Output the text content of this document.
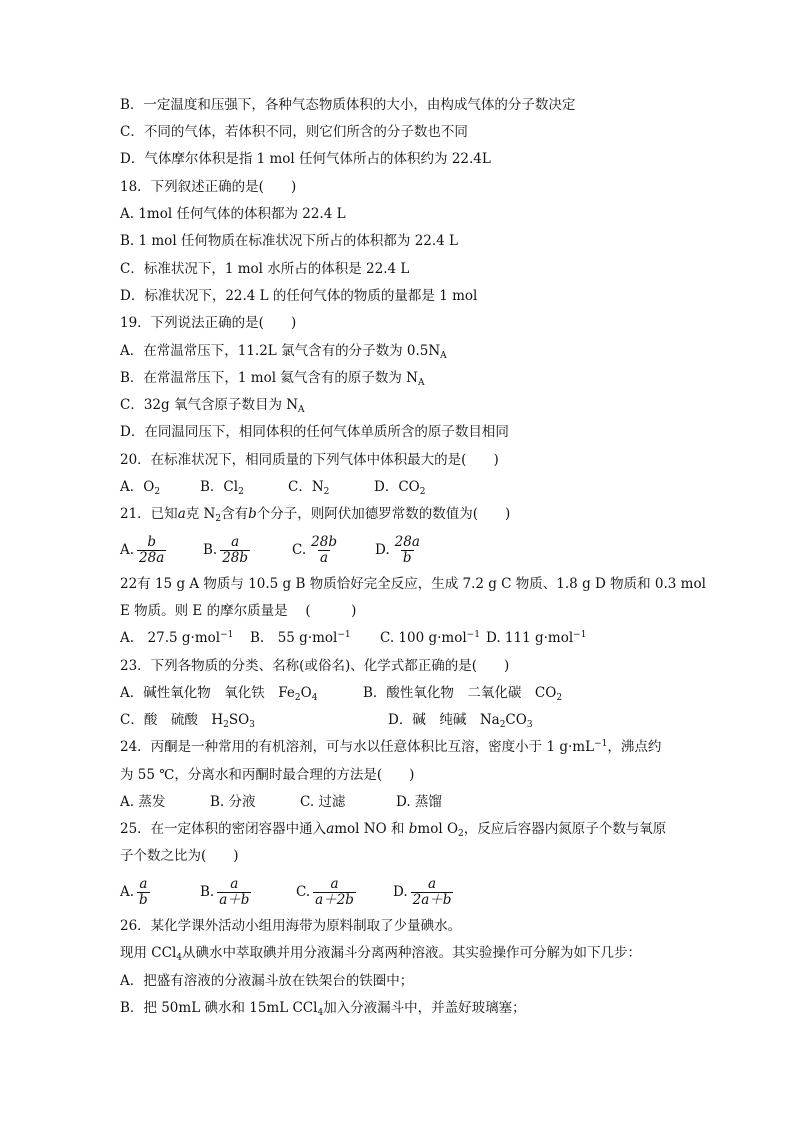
B．一定温度和压强下，各种气态物质体积的大小，由构成气体的分子数决定
C．不同的气体，若体积不同，则它们所含的分子数也不同
D．气体摩尔体积是指 1 mol 任何气体所占的体积约为 22.4L
18．下列叙述正确的是(　　)
A. 1mol 任何气体的体积都为 22.4 L
B. 1 mol 任何物质在标准状况下所占的体积都为 22.4 L
C．标准状况下，1 mol 水所占的体积是 22.4 L
D．标准状况下，22.4 L 的任何气体的物质的量都是 1 mol
19．下列说法正确的是(　　)
A．在常温常压下，11.2L 氯气含有的分子数为 $0.5N_A$
B．在常温常压下，1 mol 氦气含有的原子数为 $N_A$
C．32g 氧气含原子数目为 $N_A$
D．在同温同压下，相同体积的任何气体单质所含的原子数目相同
20．在标准状况下，相同质量的下列气体中体积最大的是(　　)
A．$O_2$	B．$Cl_2$	C．$N_2$	D．$CO_2$
21．已知a克 $N_2$含有b个分子，则阿伏加德罗常数的数值为(　　)
A. $\frac{b}{28a}$	B. $\frac{a}{28b}$	C. $\frac{28b}{a}$	D. $\frac{28a}{b}$
22有 15 g A 物质与 10.5 g B 物质恰好完全反应，生成 7.2 g C 物质、1.8 g D 物质和 0.3 mol
E 物质。则 E 的摩尔质量是　 (　　　)
A.　27.5 g·mol$^{-1}$ B.　55 g·mol$^{-1}$ C. 100 g·mol$^{-1}$ D. 111 g·mol$^{-1}$
23．下列各物质的分类、名称(或俗名)、化学式都正确的是(　　)
A．碱性氧化物　氧化铁　$Fe_2O_4$	B．酸性氧化物　二氧化碳　$CO_2$
C．酸　硫酸　$H_2SO_3$	D．碱　纯碱　$Na_2CO_3$
24．丙酮是一种常用的有机溶剂，可与水以任意体积比互溶，密度小于 1 $g\cdot mL^{-1}$，沸点约
为 55 ℃，分离水和丙酮时最合理的方法是(　　)
A. 蒸发	B. 分液	C. 过滤	D. 蒸馏
25．在一定体积的密闭容器中通入amol NO 和 bmol $O_2$，反应后容器内氮原子个数与氧原
子个数之比为(　　)
A. $\frac{a}{b}$	B. $\frac{a}{a+b}$	C. $\frac{a}{a+2b}$	D. $\frac{a}{2a+b}$
26．某化学课外活动小组用海带为原料制取了少量碘水。
现用 CCl$_4$从碘水中萃取碘并用分液漏斗分离两种溶液。其实验操作可分解为如下几步：
A．把盛有溶液的分液漏斗放在铁架台的铁圈中；
B．把 50mL 碘水和 15mL CCl$_4$加入分液漏斗中，并盖好玻璃塞；
